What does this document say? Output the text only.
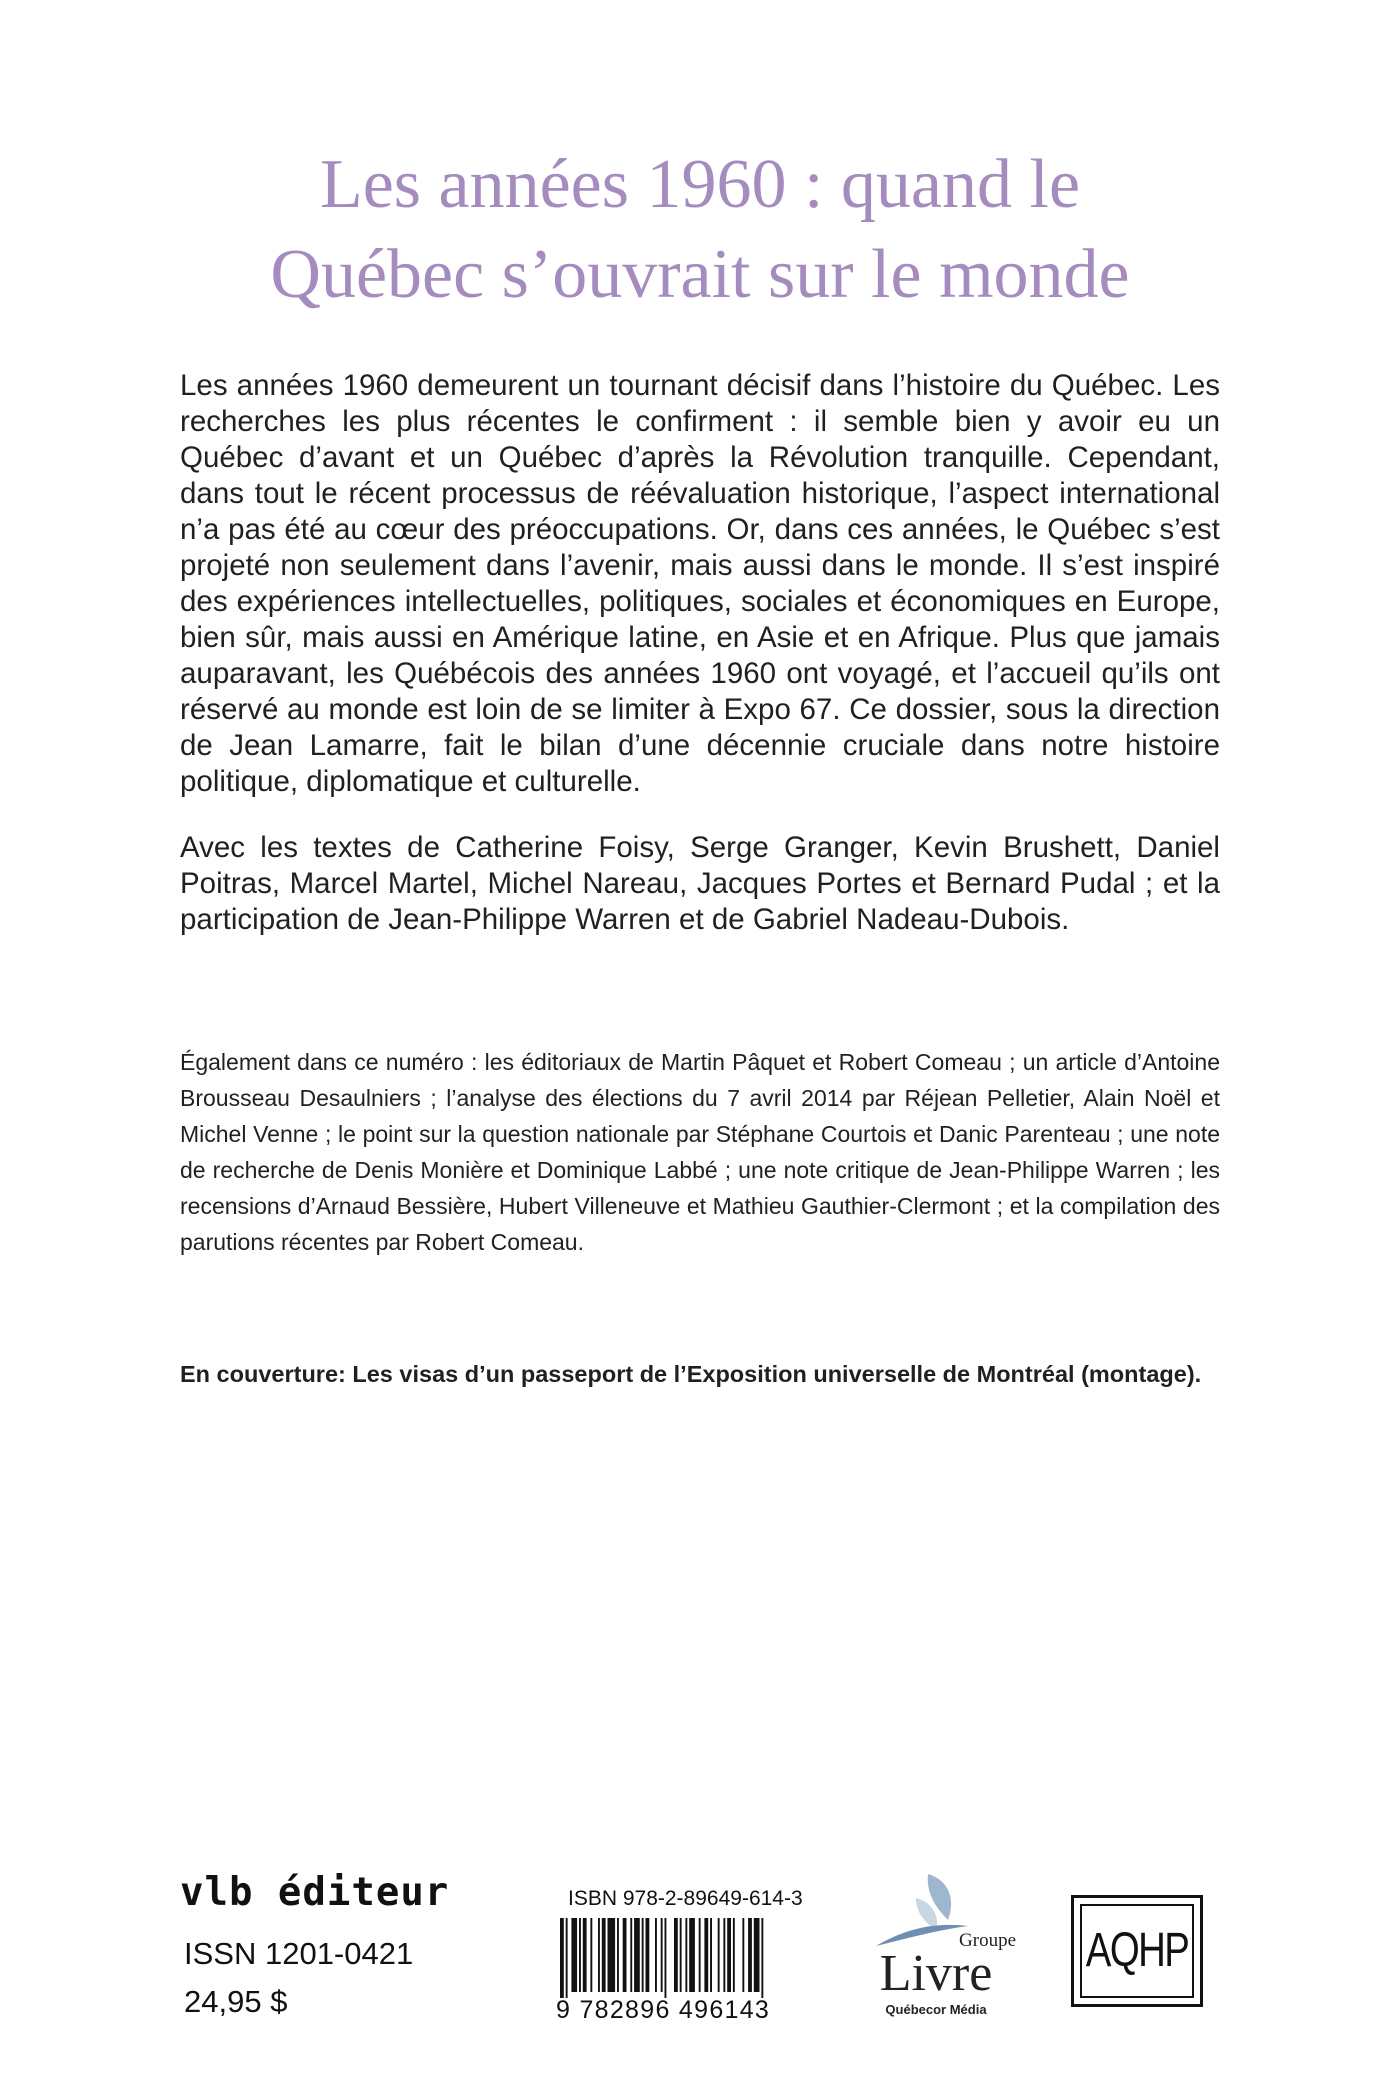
Les années 1960 : quand le
Québec s’ouvrait sur le monde

Les années 1960 demeurent un tournant décisif dans l’histoire du Québec. Les recherches les plus récentes le confirment : il semble bien y avoir eu un Québec d’avant et un Québec d’après la Révolution tranquille. Cependant, dans tout le récent processus de réévaluation historique, l’aspect international n’a pas été au cœur des préoccupations. Or, dans ces années, le Québec s’est projeté non seulement dans l’avenir, mais aussi dans le monde. Il s’est inspiré des expériences intellectuelles, politiques, sociales et économiques en Europe, bien sûr, mais aussi en Amérique latine, en Asie et en Afrique. Plus que jamais auparavant, les Québécois des années 1960 ont voyagé, et l’accueil qu’ils ont réservé au monde est loin de se limiter à Expo 67. Ce dossier, sous la direction de Jean Lamarre, fait le bilan d’une décennie cruciale dans notre histoire politique, diplomatique et culturelle.

Avec les textes de Catherine Foisy, Serge Granger, Kevin Brushett, Daniel Poitras, Marcel Martel, Michel Nareau, Jacques Portes et Bernard Pudal ; et la participation de Jean-Philippe Warren et de Gabriel Nadeau-Dubois.

Également dans ce numéro : les éditoriaux de Martin Pâquet et Robert Comeau ; un article d’Antoine Brousseau Desaulniers ; l’analyse des élections du 7 avril 2014 par Réjean Pelletier, Alain Noël et Michel Venne ; le point sur la question nationale par Stéphane Courtois et Danic Parenteau ; une note de recherche de Denis Monière et Dominique Labbé ; une note critique de Jean-Philippe Warren ; les recensions d’Arnaud Bessière, Hubert Villeneuve et Mathieu Gauthier-Clermont ; et la compilation des parutions récentes par Robert Comeau.

En couverture: Les visas d’un passeport de l’Exposition universelle de Montréal (montage).

vlb éditeur

ISSN 1201-0421

24,95 $

ISBN 978-2-89649-614-3

9 782896 496143

Groupe

Livre

Québecor Média

AQHP
